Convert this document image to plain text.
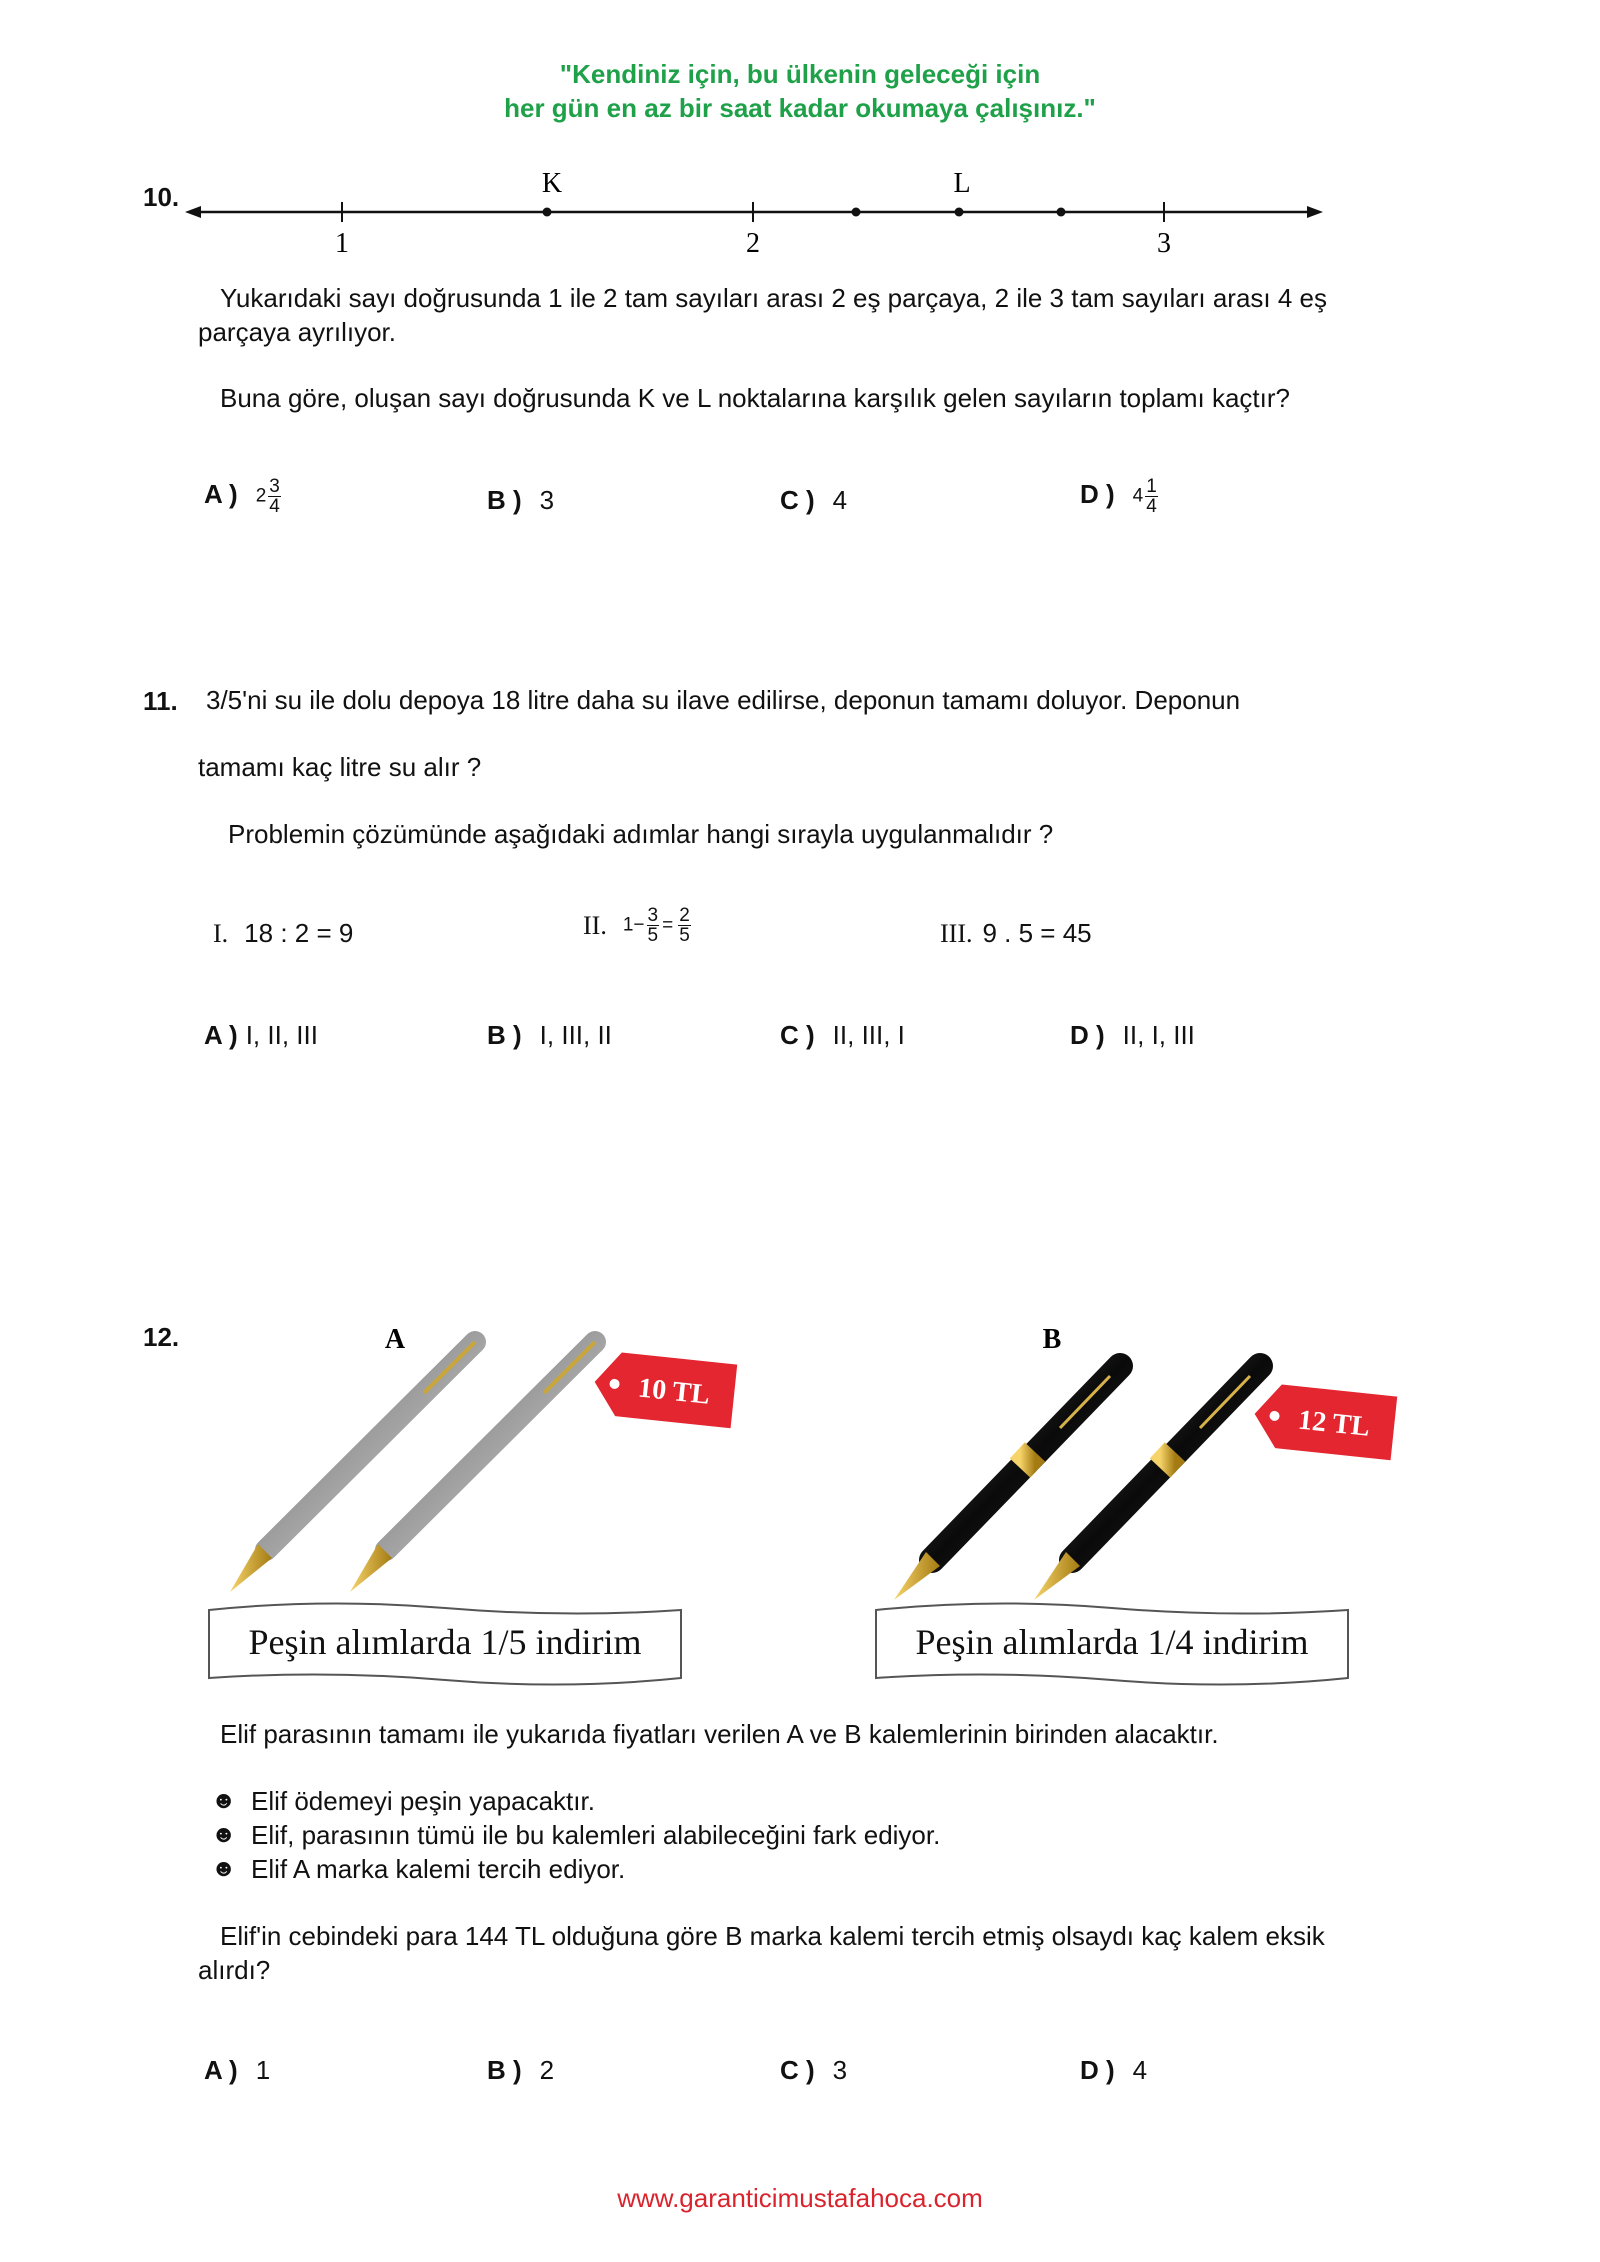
"Kendiniz için, bu ülkenin geleceği için
her gün en az bir saat kadar okumaya çalışınız."
10.
1	2	3
K	L
Yukarıdaki sayı doğrusunda 1 ile 2 tam sayıları arası 2 eş parçaya, 2 ile 3 tam sayıları arası 4 eş
parçaya ayrılıyor.
Buna göre, oluşan sayı doğrusunda K ve L noktalarına karşılık gelen sayıların toplamı kaçtır?
A ) $2 \frac{3}{4}$	B ) 3	C ) 4	D ) $4 \frac{1}{4}$
11. 3/5'ni su ile dolu depoya 18 litre daha su ilave edilirse, deponun tamamı doluyor. Deponun
tamamı kaç litre su alır ?
Problemin çözümünde aşağıdaki adımlar hangi sırayla uygulanmalıdır ?
I. 18 : 2 = 9	II. $1- \frac{3}{5} = \frac{2}{5}$	III. 9 . 5 = 45
A ) I, II, III	B ) I, III, II	C ) II, III, I	D ) II, I, III
12.	A
10 TL
B
12 TL
Peşin alımlarda 1/5 indirim	Peşin alımlarda 1/4 indirim
Elif parasının tamamı ile yukarıda fiyatları verilen A ve B kalemlerinin birinden alacaktır.
☻ Elif ödemeyi peşin yapacaktır.
☻ Elif, parasının tümü ile bu kalemleri alabileceğini fark ediyor.
☻ Elif A marka kalemi tercih ediyor.
Elif'in cebindeki para 144 TL olduğuna göre B marka kalemi tercih etmiş olsaydı kaç kalem eksik
alırdı?
A ) 1	B ) 2	C ) 3	D ) 4
www.garanticimustafahoca.com
